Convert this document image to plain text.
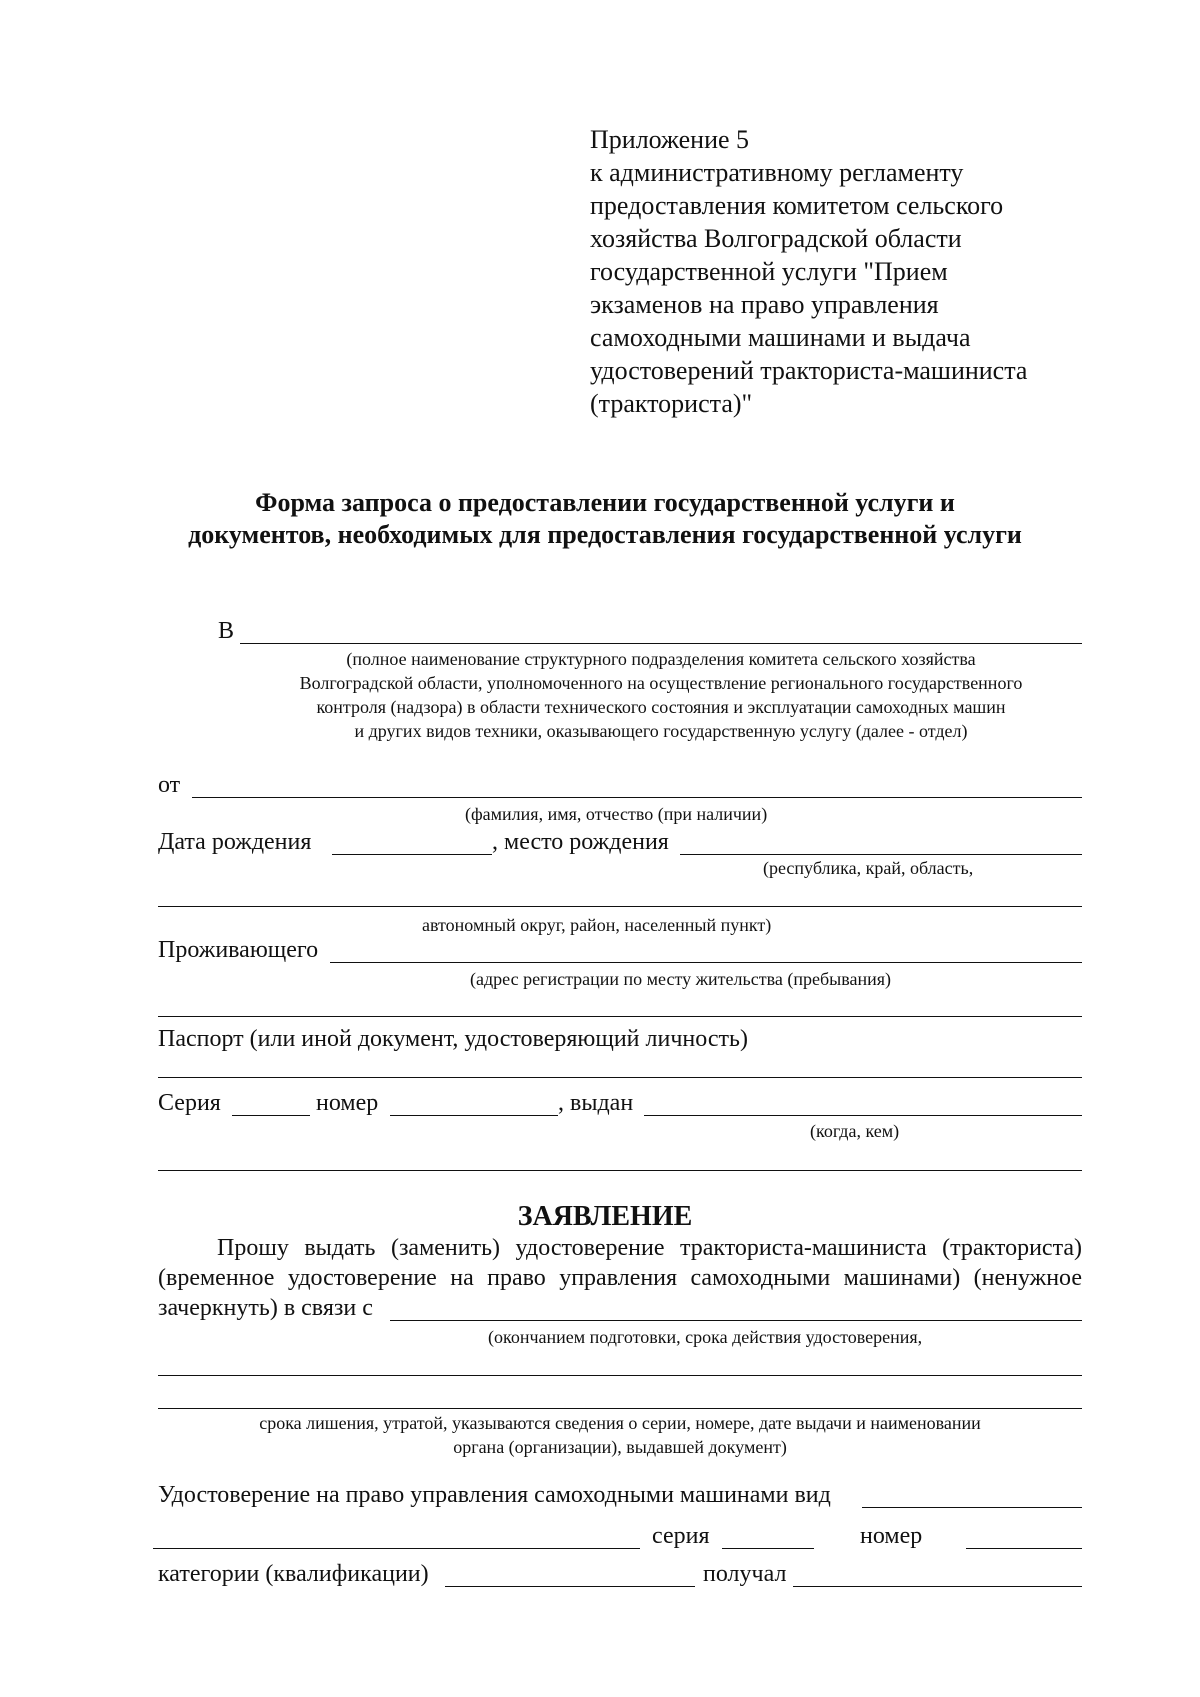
Приложение 5
к административному регламенту
предоставления комитетом сельского
хозяйства Волгоградской области
государственной услуги "Прием
экзаменов на право управления
самоходными машинами и выдача
удостоверений тракториста-машиниста
(тракториста)"
Форма запроса о предоставлении государственной услуги и
документов, необходимых для предоставления государственной услуги
В
(полное наименование структурного подразделения комитета сельского хозяйства
Волгоградской области, уполномоченного на осуществление регионального государственного
контроля (надзора) в области технического состояния и эксплуатации самоходных машин
и других видов техники, оказывающего государственную услугу (далее - отдел)
от
(фамилия, имя, отчество (при наличии)
Дата рождения	, место рождения
(республика, край, область,
автономный округ, район, населенный пункт)
Проживающего
(адрес регистрации по месту жительства (пребывания)
Паспорт (или иной документ, удостоверяющий личность)
Серия	номер	, выдан
(когда, кем)
ЗАЯВЛЕНИЕ
Прошу выдать (заменить) удостоверение тракториста-машиниста (тракториста)
(временное удостоверение на право управления самоходными машинами) (ненужное
зачеркнуть) в связи с
(окончанием подготовки, срока действия удостоверения,
срока лишения, утратой, указываются сведения о серии, номере, дате выдачи и наименовании
органа (организации), выдавшей документ)
Удостоверение на право управления самоходными машинами вид
серия	номер
категории (квалификации)	получал
